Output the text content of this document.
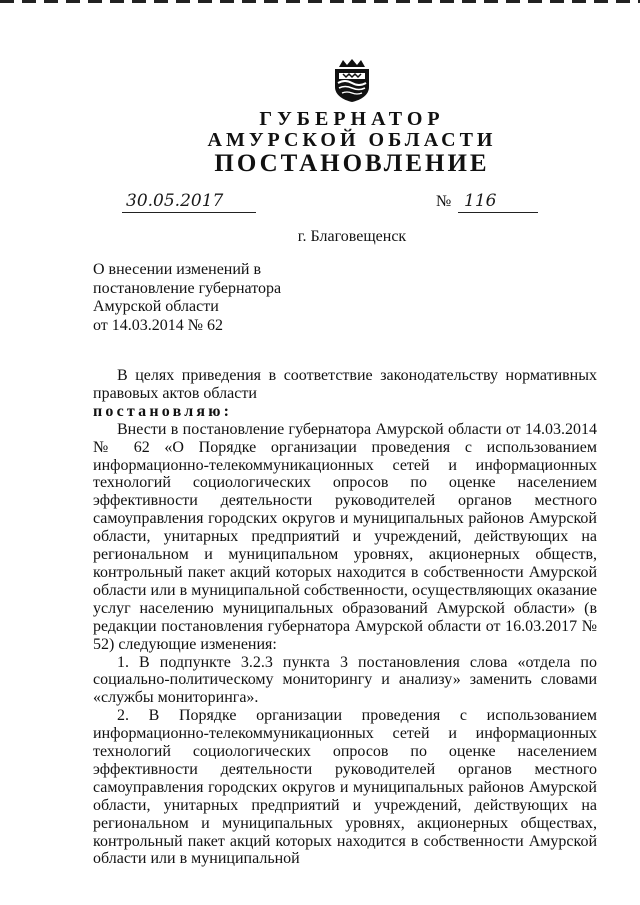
ГУБЕРНАТОР
АМУРСКОЙ ОБЛАСТИ
ПОСТАНОВЛЕНИЕ
30.05.2017	№ 116
г. Благовещенск
О внесении изменений в
постановление губернатора
Амурской области
от 14.03.2014 № 62

В целях приведения в соответствие законодательству нормативных правовых актов области

постановляю:

Внести в постановление губернатора Амурской области от 14.03.2014 № 62 «О Порядке организации проведения с использованием информационно-телекоммуникационных сетей и информационных технологий социологических опросов по оценке населением эффективности деятельности руководителей органов местного самоуправления городских округов и муниципальных районов Амурской области, унитарных предприятий и учреждений, действующих на региональном и муниципальном уровнях, акционерных обществ, контрольный пакет акций которых находится в собственности Амурской области или в муниципальной собственности, осуществляющих оказание услуг населению муниципальных образований Амурской области» (в редакции постановления губернатора Амурской области от 16.03.2017 № 52) следующие изменения:

1. В подпункте 3.2.3 пункта 3 постановления слова «отдела по социально-политическому мониторингу и анализу» заменить словами «службы мониторинга».

2. В Порядке организации проведения с использованием информационно-телекоммуникационных сетей и информационных технологий социологических опросов по оценке населением эффективности деятельности руководителей органов местного самоуправления городских округов и муниципальных районов Амурской области, унитарных предприятий и учреждений, действующих на региональном и муниципальных уровнях, акционерных обществах, контрольный пакет акций которых находится в собственности Амурской области или в муниципальной
